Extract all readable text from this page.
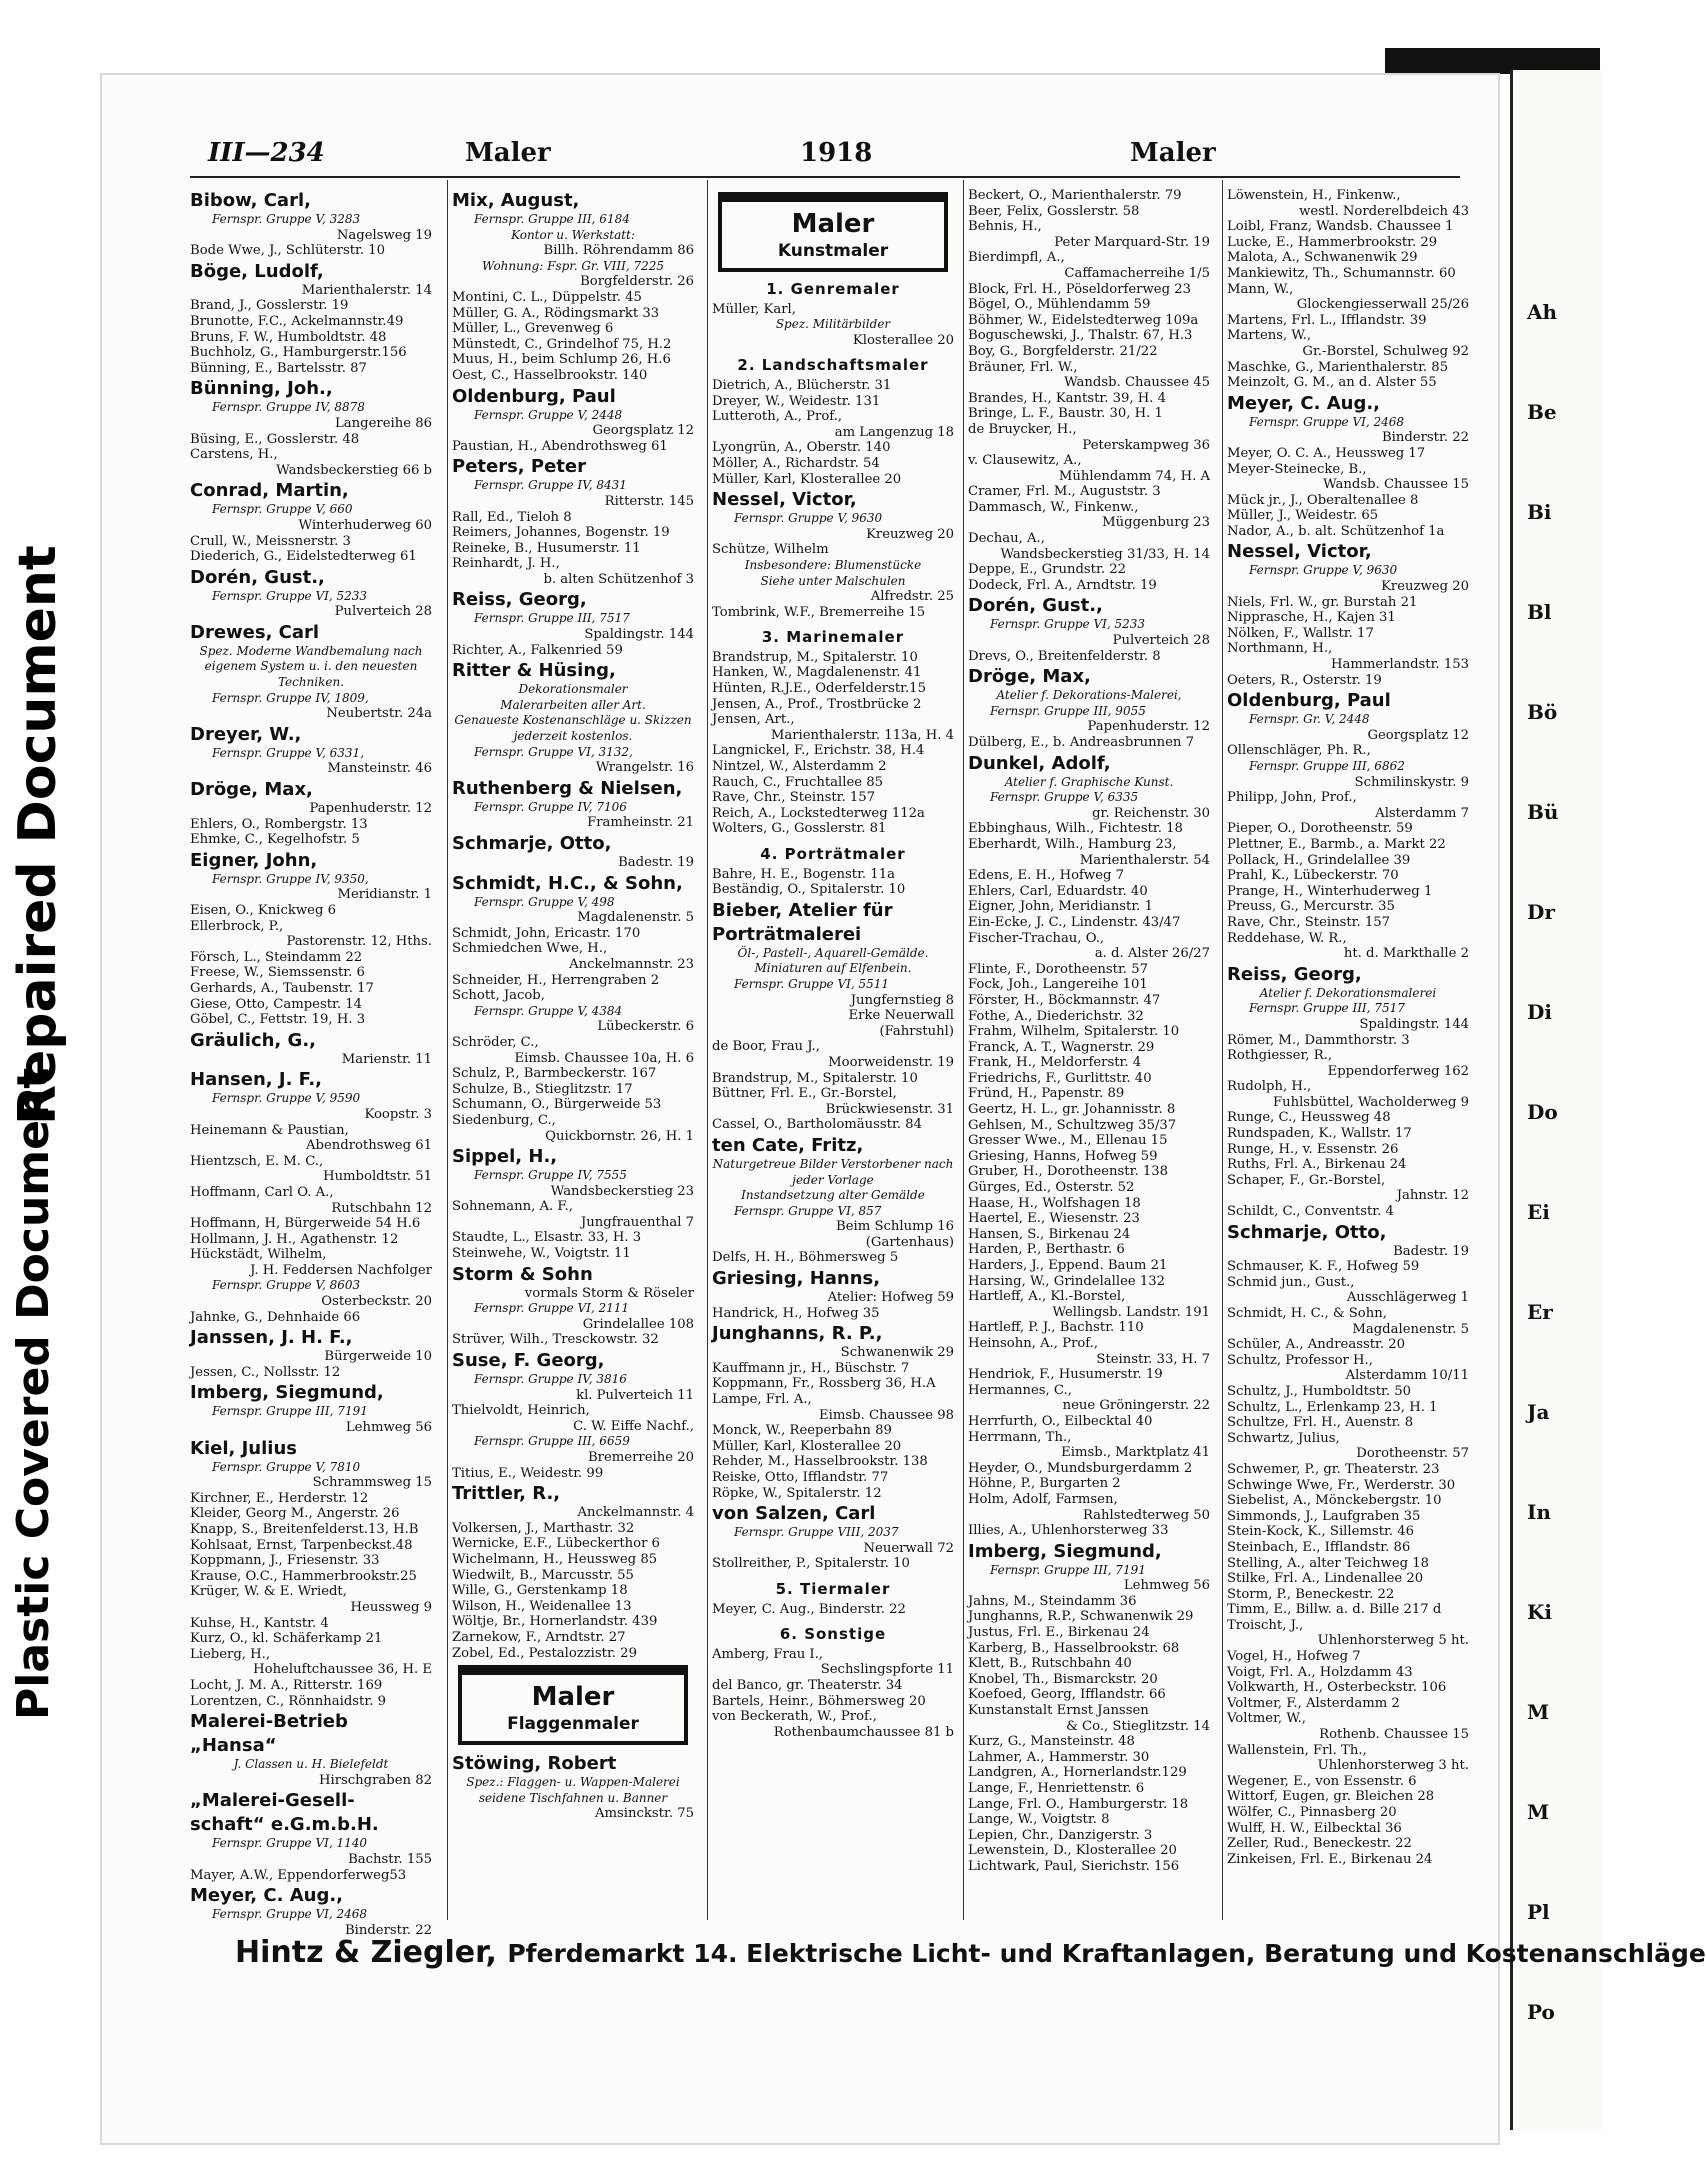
Plastic Covered Document
Repaired Document
Ah
Be
Bi
Bl
Bö
Bü
Dr
Di
Do
Ei
Er
Ja
In
Ki
M
M
Pl
Po
III—234	Maler	1918	Maler
Bibow, Carl,
Fernspr. Gruppe V, 3283
Nagelsweg 19
Bode Wwe, J., Schlüterstr. 10
Böge, Ludolf,
Marienthalerstr. 14
Brand, J., Gosslerstr. 19
Brunotte, F.C., Ackelmannstr.49
Bruns, F. W., Humboldtstr. 48
Buchholz, G., Hamburgerstr.156
Bünning, E., Bartelsstr. 87
Bünning, Joh.,
Fernspr. Gruppe IV, 8878
Langereihe 86
Büsing, E., Gosslerstr. 48
Carstens, H.,
Wandsbeckerstieg 66 b
Conrad, Martin,
Fernspr. Gruppe V, 660
Winterhuderweg 60
Crull, W., Meissnerstr. 3
Diederich, G., Eidelstedterweg 61
Dorén, Gust.,
Fernspr. Gruppe VI, 5233
Pulverteich 28
Drewes, Carl
Spez. Moderne Wandbemalung nach eigenem System u. i. den neuesten Techniken.
Fernspr. Gruppe IV, 1809,
Neubertstr. 24a
Dreyer, W.,
Fernspr. Gruppe V, 6331,
Mansteinstr. 46
Dröge, Max,
Papenhuderstr. 12
Ehlers, O., Rombergstr. 13
Ehmke, C., Kegelhofstr. 5
Eigner, John,
Fernspr. Gruppe IV, 9350,
Meridianstr. 1
Eisen, O., Knickweg 6
Ellerbrock, P.,
Pastorenstr. 12, Hths.
Försch, L., Steindamm 22
Freese, W., Siemssenstr. 6
Gerhards, A., Taubenstr. 17
Giese, Otto, Campestr. 14
Göbel, C., Fettstr. 19, H. 3
Gräulich, G.,
Marienstr. 11
Hansen, J. F.,
Fernspr. Gruppe V, 9590
Koopstr. 3
Heinemann & Paustian,
Abendrothsweg 61
Hientzsch, E. M. C.,
Humboldtstr. 51
Hoffmann, Carl O. A.,
Rutschbahn 12
Hoffmann, H, Bürgerweide 54 H.6
Hollmann, J. H., Agathenstr. 12
Hückstädt, Wilhelm,
J. H. Feddersen Nachfolger
Fernspr. Gruppe V, 8603
Osterbeckstr. 20
Jahnke, G., Dehnhaide 66
Janssen, J. H. F.,
Bürgerweide 10
Jessen, C., Nollsstr. 12
Imberg, Siegmund,
Fernspr. Gruppe III, 7191
Lehmweg 56
Kiel, Julius
Fernspr. Gruppe V, 7810
Schrammsweg 15
Kirchner, E., Herderstr. 12
Kleider, Georg M., Angerstr. 26
Knapp, S., Breitenfelderst.13, H.B
Kohlsaat, Ernst, Tarpenbeckst.48
Koppmann, J., Friesenstr. 33
Krause, O.C., Hammerbrookstr.25
Krüger, W. & E. Wriedt,
Heussweg 9
Kuhse, H., Kantstr. 4
Kurz, O., kl. Schäferkamp 21
Lieberg, H.,
Hoheluftchaussee 36, H. E
Locht, J. M. A., Ritterstr. 169
Lorentzen, C., Rönnhaidstr. 9
Malerei-Betrieb
„Hansa“
J. Classen u. H. Bielefeldt
Hirschgraben 82
„Malerei-Gesell-
schaft“ e.G.m.b.H.
Fernspr. Gruppe VI, 1140
Bachstr. 155
Mayer, A.W., Eppendorferweg53
Meyer, C. Aug.,
Fernspr. Gruppe VI, 2468
Binderstr. 22
Mix, August,
Fernspr. Gruppe III, 6184
Kontor u. Werkstatt:
Billh. Röhrendamm 86
Wohnung: Fspr. Gr. VIII, 7225
Borgfelderstr. 26
Montini, C. L., Düppelstr. 45
Müller, G. A., Rödingsmarkt 33
Müller, L., Grevenweg 6
Münstedt, C., Grindelhof 75, H.2
Muus, H., beim Schlump 26, H.6
Oest, C., Hasselbrookstr. 140
Oldenburg, Paul
Fernspr. Gruppe V, 2448
Georgsplatz 12
Paustian, H., Abendrothsweg 61
Peters, Peter
Fernspr. Gruppe IV, 8431
Ritterstr. 145
Rall, Ed., Tieloh 8
Reimers, Johannes, Bogenstr. 19
Reineke, B., Husumerstr. 11
Reinhardt, J. H.,
b. alten Schützenhof 3
Reiss, Georg,
Fernspr. Gruppe III, 7517
Spaldingstr. 144
Richter, A., Falkenried 59
Ritter & Hüsing,
Dekorationsmaler
Malerarbeiten aller Art.
Genaueste Kostenanschläge u. Skizzen jederzeit kostenlos.
Fernspr. Gruppe VI, 3132,
Wrangelstr. 16
Ruthenberg & Nielsen,
Fernspr. Gruppe IV, 7106
Framheinstr. 21
Schmarje, Otto,
Badestr. 19
Schmidt, H.C., & Sohn,
Fernspr. Gruppe V, 498
Magdalenenstr. 5
Schmidt, John, Ericastr. 170
Schmiedchen Wwe, H.,
Anckelmannstr. 23
Schneider, H., Herrengraben 2
Schott, Jacob,
Fernspr. Gruppe V, 4384
Lübeckerstr. 6
Schröder, C.,
Eimsb. Chaussee 10a, H. 6
Schulz, P., Barmbeckerstr. 167
Schulze, B., Stieglitzstr. 17
Schumann, O., Bürgerweide 53
Siedenburg, C.,
Quickbornstr. 26, H. 1
Sippel, H.,
Fernspr. Gruppe IV, 7555
Wandsbeckerstieg 23
Sohnemann, A. F.,
Jungfrauenthal 7
Staudte, L., Elsastr. 33, H. 3
Steinwehe, W., Voigtstr. 11
Storm & Sohn
vormals Storm & Röseler
Fernspr. Gruppe VI, 2111
Grindelallee 108
Strüver, Wilh., Tresckowstr. 32
Suse, F. Georg,
Fernspr. Gruppe IV, 3816
kl. Pulverteich 11
Thielvoldt, Heinrich,
C. W. Eiffe Nachf.,
Fernspr. Gruppe III, 6659
Bremerreihe 20
Titius, E., Weidestr. 99
Trittler, R.,
Anckelmannstr. 4
Volkersen, J., Marthastr. 32
Wernicke, E.F., Lübeckerthor 6
Wichelmann, H., Heussweg 85
Wiedwilt, B., Marcusstr. 55
Wille, G., Gerstenkamp 18
Wilson, H., Weidenallee 13
Wöltje, Br., Hornerlandstr. 439
Zarnekow, F., Arndtstr. 27
Zobel, Ed., Pestalozzistr. 29
Maler
Flaggenmaler
Stöwing, Robert
Spez.: Flaggen- u. Wappen-Malerei
seidene Tischfahnen u. Banner
Amsinckstr. 75
Maler
Kunstmaler
1. Genremaler
Müller, Karl,
Spez. Militärbilder
Klosterallee 20
2. Landschaftsmaler
Dietrich, A., Blücherstr. 31
Dreyer, W., Weidestr. 131
Lutteroth, A., Prof.,
am Langenzug 18
Lyongrün, A., Oberstr. 140
Möller, A., Richardstr. 54
Müller, Karl, Klosterallee 20
Nessel, Victor,
Fernspr. Gruppe V, 9630
Kreuzweg 20
Schütze, Wilhelm
Insbesondere: Blumenstücke
Siehe unter Malschulen
Alfredstr. 25
Tombrink, W.F., Bremerreihe 15
3. Marinemaler
Brandstrup, M., Spitalerstr. 10
Hanken, W., Magdalenenstr. 41
Hünten, R.J.E., Oderfelderstr.15
Jensen, A., Prof., Trostbrücke 2
Jensen, Art.,
Marienthalerstr. 113a, H. 4
Langnickel, F., Erichstr. 38, H.4
Nintzel, W., Alsterdamm 2
Rauch, C., Fruchtallee 85
Rave, Chr., Steinstr. 157
Reich, A., Lockstedterweg 112a
Wolters, G., Gosslerstr. 81
4. Porträtmaler
Bahre, H. E., Bogenstr. 11a
Beständig, O., Spitalerstr. 10
Bieber, Atelier für
Porträtmalerei
Öl-, Pastell-, Aquarell-Gemälde. Miniaturen auf Elfenbein.
Fernspr. Gruppe VI, 5511
Jungfernstieg 8
Erke Neuerwall
(Fahrstuhl)
de Boor, Frau J.,
Moorweidenstr. 19
Brandstrup, M., Spitalerstr. 10
Büttner, Frl. E., Gr.-Borstel,
Brückwiesenstr. 31
Cassel, O., Bartholomäusstr. 84
ten Cate, Fritz,
Naturgetreue Bilder Verstorbener nach jeder Vorlage
Instandsetzung alter Gemälde
Fernspr. Gruppe VI, 857
Beim Schlump 16
(Gartenhaus)
Delfs, H. H., Böhmersweg 5
Griesing, Hanns,
Atelier: Hofweg 59
Handrick, H., Hofweg 35
Junghanns, R. P.,
Schwanenwik 29
Kauffmann jr., H., Büschstr. 7
Koppmann, Fr., Rossberg 36, H.A
Lampe, Frl. A.,
Eimsb. Chaussee 98
Monck, W., Reeperbahn 89
Müller, Karl, Klosterallee 20
Rehder, M., Hasselbrookstr. 138
Reiske, Otto, Ifflandstr. 77
Röpke, W., Spitalerstr. 12
von Salzen, Carl
Fernspr. Gruppe VIII, 2037
Neuerwall 72
Stollreither, P., Spitalerstr. 10
5. Tiermaler
Meyer, C. Aug., Binderstr. 22
6. Sonstige
Amberg, Frau I.,
Sechslingspforte 11
del Banco, gr. Theaterstr. 34
Bartels, Heinr., Böhmersweg 20
von Beckerath, W., Prof.,
Rothenbaumchaussee 81 b
Beckert, O., Marienthalerstr. 79
Beer, Felix, Gosslerstr. 58
Behnis, H.,
Peter Marquard-Str. 19
Bierdimpfl, A.,
Caffamacherreihe 1/5
Block, Frl. H., Pöseldorferweg 23
Bögel, O., Mühlendamm 59
Böhmer, W., Eidelstedterweg 109a
Boguschewski, J., Thalstr. 67, H.3
Boy, G., Borgfelderstr. 21/22
Bräuner, Frl. W.,
Wandsb. Chaussee 45
Brandes, H., Kantstr. 39, H. 4
Bringe, L. F., Baustr. 30, H. 1
de Bruycker, H.,
Peterskampweg 36
v. Clausewitz, A.,
Mühlendamm 74, H. A
Cramer, Frl. M., Auguststr. 3
Dammasch, W., Finkenw.,
Müggenburg 23
Dechau, A.,
Wandsbeckerstieg 31/33, H. 14
Deppe, E., Grundstr. 22
Dodeck, Frl. A., Arndtstr. 19
Dorén, Gust.,
Fernspr. Gruppe VI, 5233
Pulverteich 28
Drevs, O., Breitenfelderstr. 8
Dröge, Max,
Atelier f. Dekorations-Malerei,
Fernspr. Gruppe III, 9055
Papenhuderstr. 12
Dülberg, E., b. Andreasbrunnen 7
Dunkel, Adolf,
Atelier f. Graphische Kunst.
Fernspr. Gruppe V, 6335
gr. Reichenstr. 30
Ebbinghaus, Wilh., Fichtestr. 18
Eberhardt, Wilh., Hamburg 23,
Marienthalerstr. 54
Edens, E. H., Hofweg 7
Ehlers, Carl, Eduardstr. 40
Eigner, John, Meridianstr. 1
Ein-Ecke, J. C., Lindenstr. 43/47
Fischer-Trachau, O.,
a. d. Alster 26/27
Flinte, F., Dorotheenstr. 57
Fock, Joh., Langereihe 101
Förster, H., Böckmannstr. 47
Fothe, A., Diederichstr. 32
Frahm, Wilhelm, Spitalerstr. 10
Franck, A. T., Wagnerstr. 29
Frank, H., Meldorferstr. 4
Friedrichs, F., Gurlittstr. 40
Fründ, H., Papenstr. 89
Geertz, H. L., gr. Johannisstr. 8
Gehlsen, M., Schultzweg 35/37
Gresser Wwe., M., Ellenau 15
Griesing, Hanns, Hofweg 59
Gruber, H., Dorotheenstr. 138
Gürges, Ed., Osterstr. 52
Haase, H., Wolfshagen 18
Haertel, E., Wiesenstr. 23
Hansen, S., Birkenau 24
Harden, P., Berthastr. 6
Harders, J., Eppend. Baum 21
Harsing, W., Grindelallee 132
Hartleff, A., Kl.-Borstel,
Wellingsb. Landstr. 191
Hartleff, P. J., Bachstr. 110
Heinsohn, A., Prof.,
Steinstr. 33, H. 7
Hendriok, F., Husumerstr. 19
Hermannes, C.,
neue Gröningerstr. 22
Herrfurth, O., Eilbecktal 40
Herrmann, Th.,
Eimsb., Marktplatz 41
Heyder, O., Mundsburgerdamm 2
Höhne, P., Burgarten 2
Holm, Adolf, Farmsen,
Rahlstedterweg 50
Illies, A., Uhlenhorsterweg 33
Imberg, Siegmund,
Fernspr. Gruppe III, 7191
Lehmweg 56
Jahns, M., Steindamm 36
Junghanns, R.P., Schwanenwik 29
Justus, Frl. E., Birkenau 24
Karberg, B., Hasselbrookstr. 68
Klett, B., Rutschbahn 40
Knobel, Th., Bismarckstr. 20
Koefoed, Georg, Ifflandstr. 66
Kunstanstalt Ernst Janssen
& Co., Stieglitzstr. 14
Kurz, G., Mansteinstr. 48
Lahmer, A., Hammerstr. 30
Landgren, A., Hornerlandstr.129
Lange, F., Henriettenstr. 6
Lange, Frl. O., Hamburgerstr. 18
Lange, W., Voigtstr. 8
Lepien, Chr., Danzigerstr. 3
Lewenstein, D., Klosterallee 20
Lichtwark, Paul, Sierichstr. 156
Löwenstein, H., Finkenw.,
westl. Norderelbdeich 43
Loibl, Franz, Wandsb. Chaussee 1
Lucke, E., Hammerbrookstr. 29
Malota, A., Schwanenwik 29
Mankiewitz, Th., Schumannstr. 60
Mann, W.,
Glockengiesserwall 25/26
Martens, Frl. L., Ifflandstr. 39
Martens, W.,
Gr.-Borstel, Schulweg 92
Maschke, G., Marienthalerstr. 85
Meinzolt, G. M., an d. Alster 55
Meyer, C. Aug.,
Fernspr. Gruppe VI, 2468
Binderstr. 22
Meyer, O. C. A., Heussweg 17
Meyer-Steinecke, B.,
Wandsb. Chaussee 15
Mück jr., J., Oberaltenallee 8
Müller, J., Weidestr. 65
Nador, A., b. alt. Schützenhof 1a
Nessel, Victor,
Fernspr. Gruppe V, 9630
Kreuzweg 20
Niels, Frl. W., gr. Burstah 21
Nipprasche, H., Kajen 31
Nölken, F., Wallstr. 17
Northmann, H.,
Hammerlandstr. 153
Oeters, R., Osterstr. 19
Oldenburg, Paul
Fernspr. Gr. V, 2448
Georgsplatz 12
Ollenschläger, Ph. R.,
Fernspr. Gruppe III, 6862
Schmilinskystr. 9
Philipp, John, Prof.,
Alsterdamm 7
Pieper, O., Dorotheenstr. 59
Plettner, E., Barmb., a. Markt 22
Pollack, H., Grindelallee 39
Prahl, K., Lübeckerstr. 70
Prange, H., Winterhuderweg 1
Preuss, G., Mercurstr. 35
Rave, Chr., Steinstr. 157
Reddehase, W. R.,
ht. d. Markthalle 2
Reiss, Georg,
Atelier f. Dekorationsmalerei
Fernspr. Gruppe III, 7517
Spaldingstr. 144
Römer, M., Dammthorstr. 3
Rothgiesser, R.,
Eppendorferweg 162
Rudolph, H.,
Fuhlsbüttel, Wacholderweg 9
Runge, C., Heussweg 48
Rundspaden, K., Wallstr. 17
Runge, H., v. Essenstr. 26
Ruths, Frl. A., Birkenau 24
Schaper, F., Gr.-Borstel,
Jahnstr. 12
Schildt, C., Conventstr. 4
Schmarje, Otto,
Badestr. 19
Schmauser, K. F., Hofweg 59
Schmid jun., Gust.,
Ausschlägerweg 1
Schmidt, H. C., & Sohn,
Magdalenenstr. 5
Schüler, A., Andreasstr. 20
Schultz, Professor H.,
Alsterdamm 10/11
Schultz, J., Humboldtstr. 50
Schultz, L., Erlenkamp 23, H. 1
Schultze, Frl. H., Auenstr. 8
Schwartz, Julius,
Dorotheenstr. 57
Schwemer, P., gr. Theaterstr. 23
Schwinge Wwe, Fr., Werderstr. 30
Siebelist, A., Mönckebergstr. 10
Simmonds, J., Laufgraben 35
Stein-Kock, K., Sillemstr. 46
Steinbach, E., Ifflandstr. 86
Stelling, A., alter Teichweg 18
Stilke, Frl. A., Lindenallee 20
Storm, P., Beneckestr. 22
Timm, E., Billw. a. d. Bille 217 d
Troischt, J.,
Uhlenhorsterweg 5 ht.
Vogel, H., Hofweg 7
Voigt, Frl. A., Holzdamm 43
Volkwarth, H., Osterbeckstr. 106
Voltmer, F., Alsterdamm 2
Voltmer, W.,
Rothenb. Chaussee 15
Wallenstein, Frl. Th.,
Uhlenhorsterweg 3 ht.
Wegener, E., von Essenstr. 6
Wittorf, Eugen, gr. Bleichen 28
Wölfer, C., Pinnasberg 20
Wulff, H. W., Eilbecktal 36
Zeller, Rud., Beneckestr. 22
Zinkeisen, Frl. E., Birkenau 24
Hintz & Ziegler, Pferdemarkt 14. Elektrische Licht- und Kraftanlagen, Beratung und Kostenanschläge
